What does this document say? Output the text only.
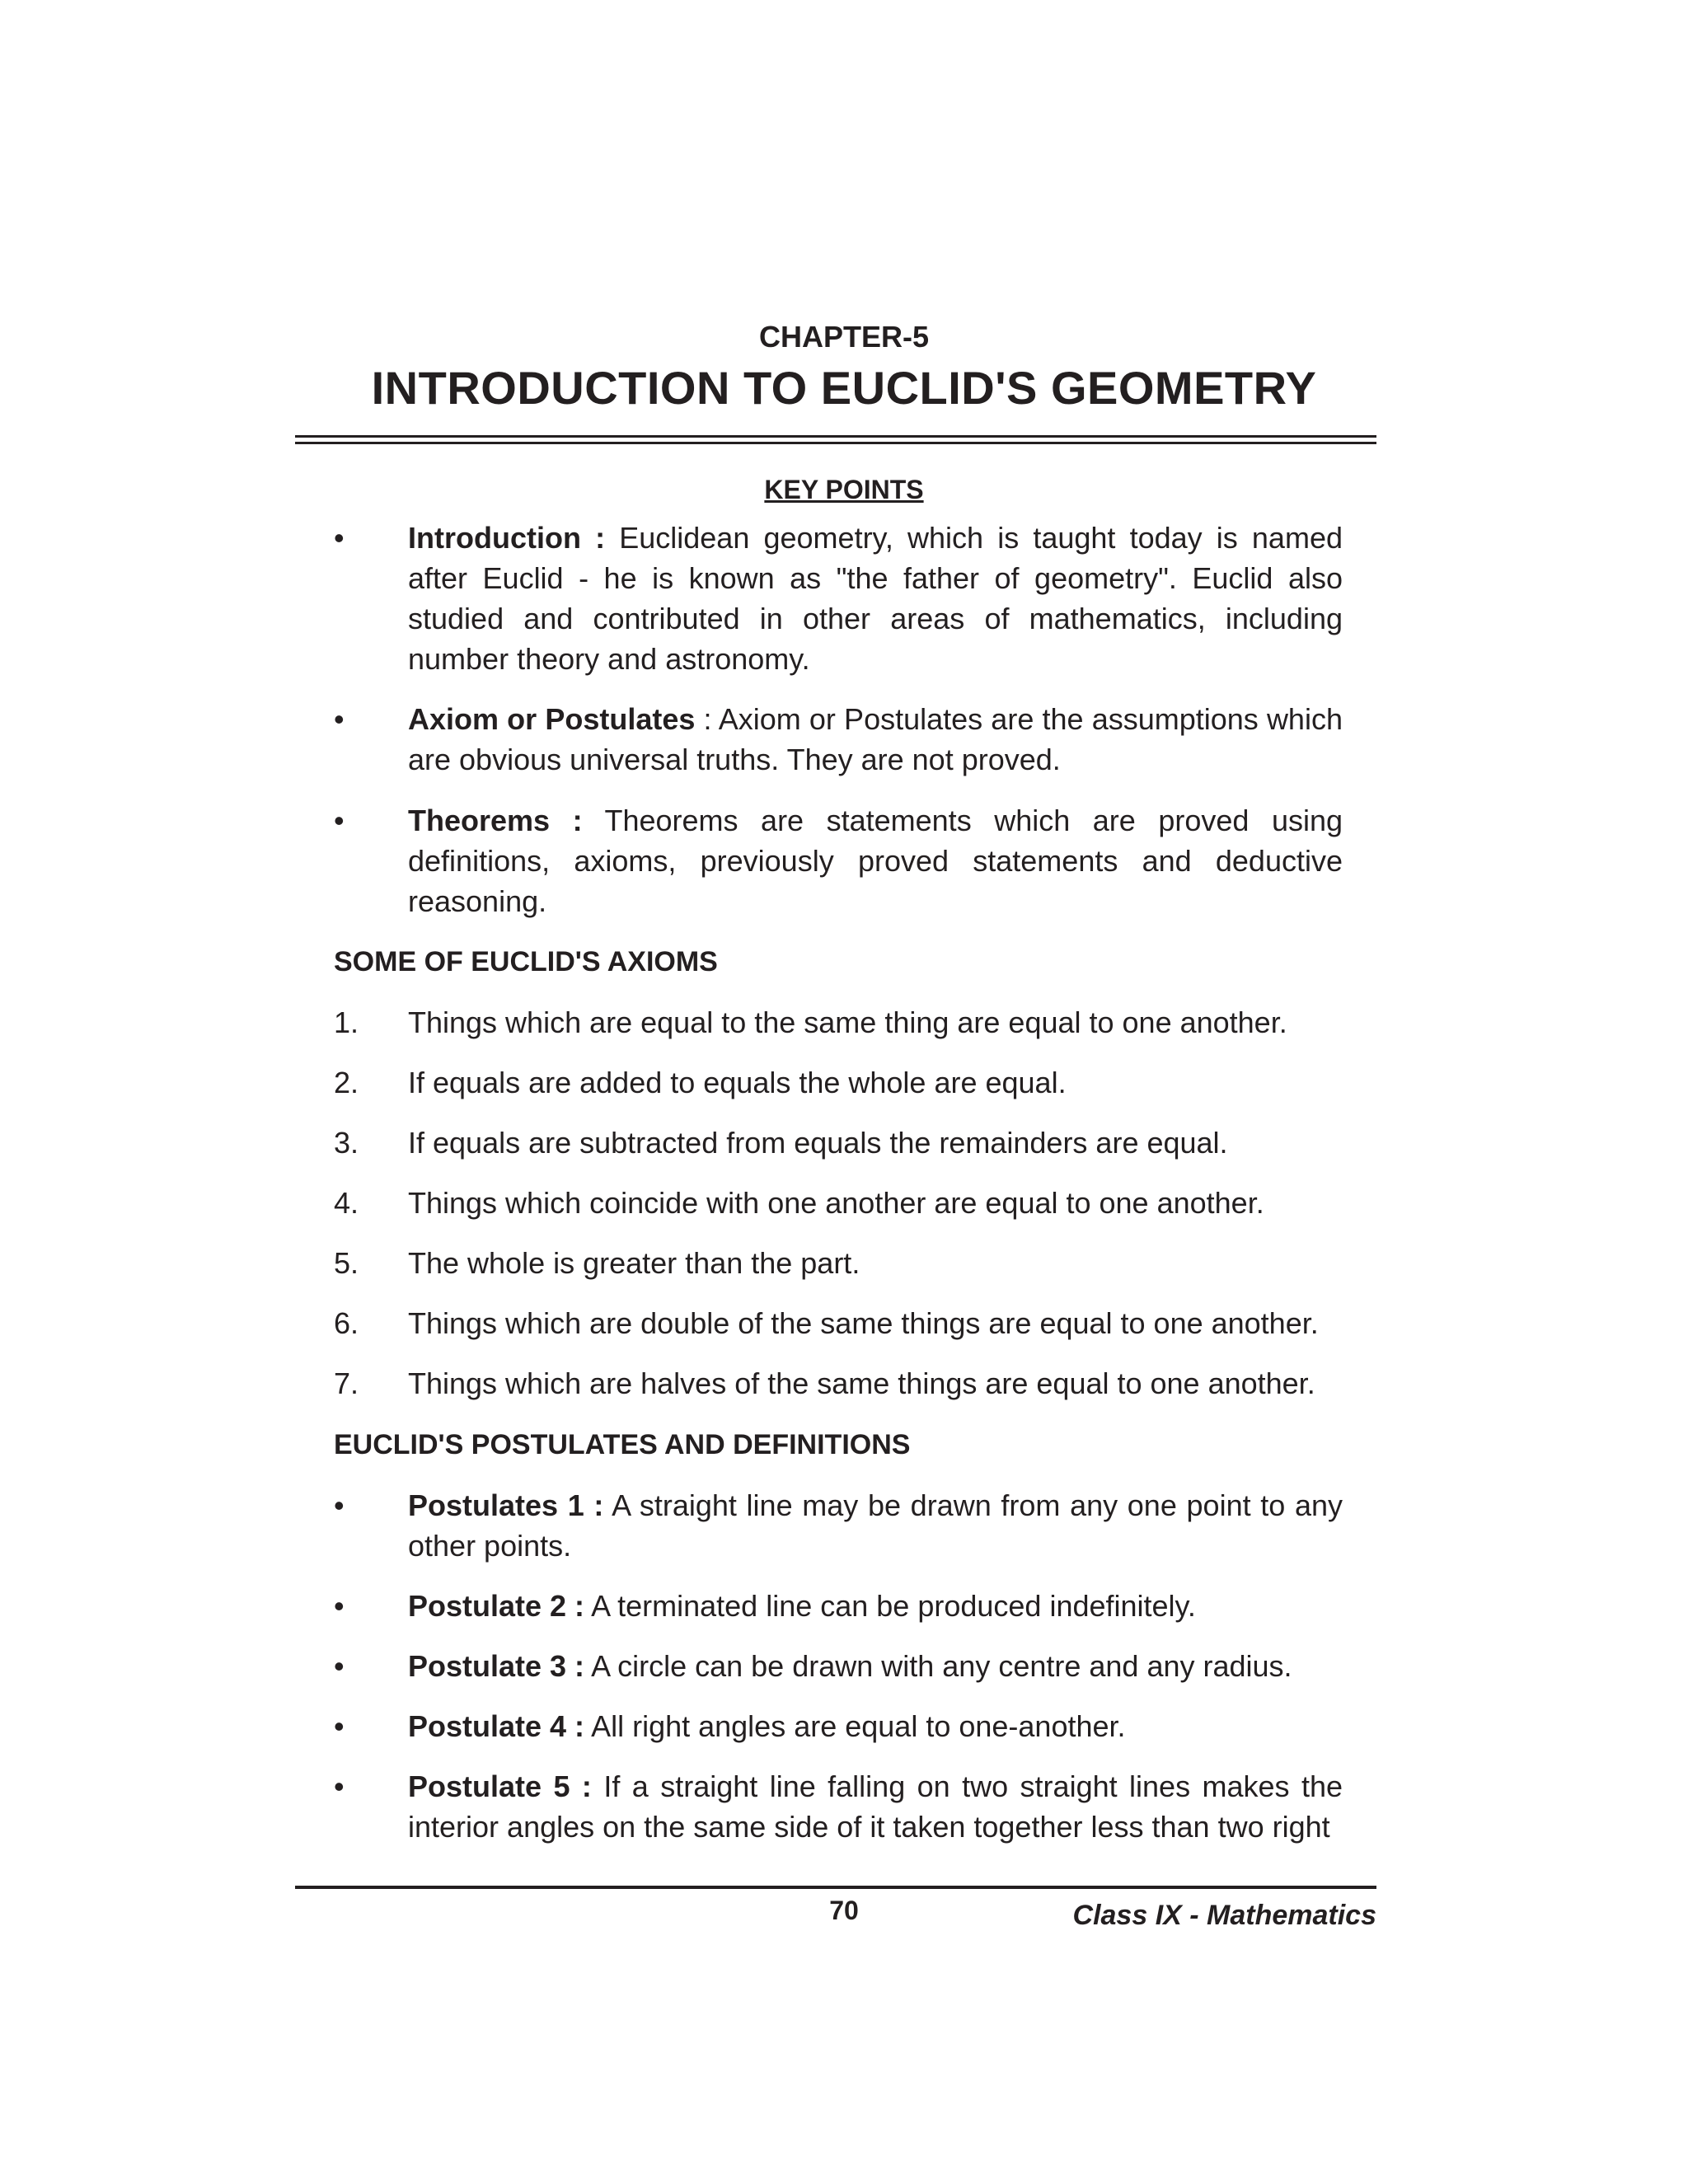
CHAPTER-5
INTRODUCTION TO EUCLID'S GEOMETRY
KEY POINTS
•	Introduction : Euclidean geometry, which is taught today is named after Euclid - he is known as "the father of geometry". Euclid also studied and contributed in other areas of mathematics, including number theory and astronomy.
•	Axiom or Postulates : Axiom or Postulates are the assumptions which are obvious universal truths. They are not proved.
•	Theorems : Theorems are statements which are proved using definitions, axioms, previously proved statements and deductive reasoning.
SOME OF EUCLID'S AXIOMS
1.	Things which are equal to the same thing are equal to one another.
2.	If equals are added to equals the whole are equal.
3.	If equals are subtracted from equals the remainders are equal.
4.	Things which coincide with one another are equal to one another.
5.	The whole is greater than the part.
6.	Things which are double of the same things are equal to one another.
7.	Things which are halves of the same things are equal to one another.
EUCLID'S POSTULATES AND DEFINITIONS
•	Postulates 1 : A straight line may be drawn from any one point to any other points.
•	Postulate 2 : A terminated line can be produced indefinitely.
•	Postulate 3 : A circle can be drawn with any centre and any radius.
•	Postulate 4 : All right angles are equal to one-another.
•	Postulate 5 : If a straight line falling on two straight lines makes the interior angles on the same side of it taken together less than two right
70	Class IX - Mathematics
